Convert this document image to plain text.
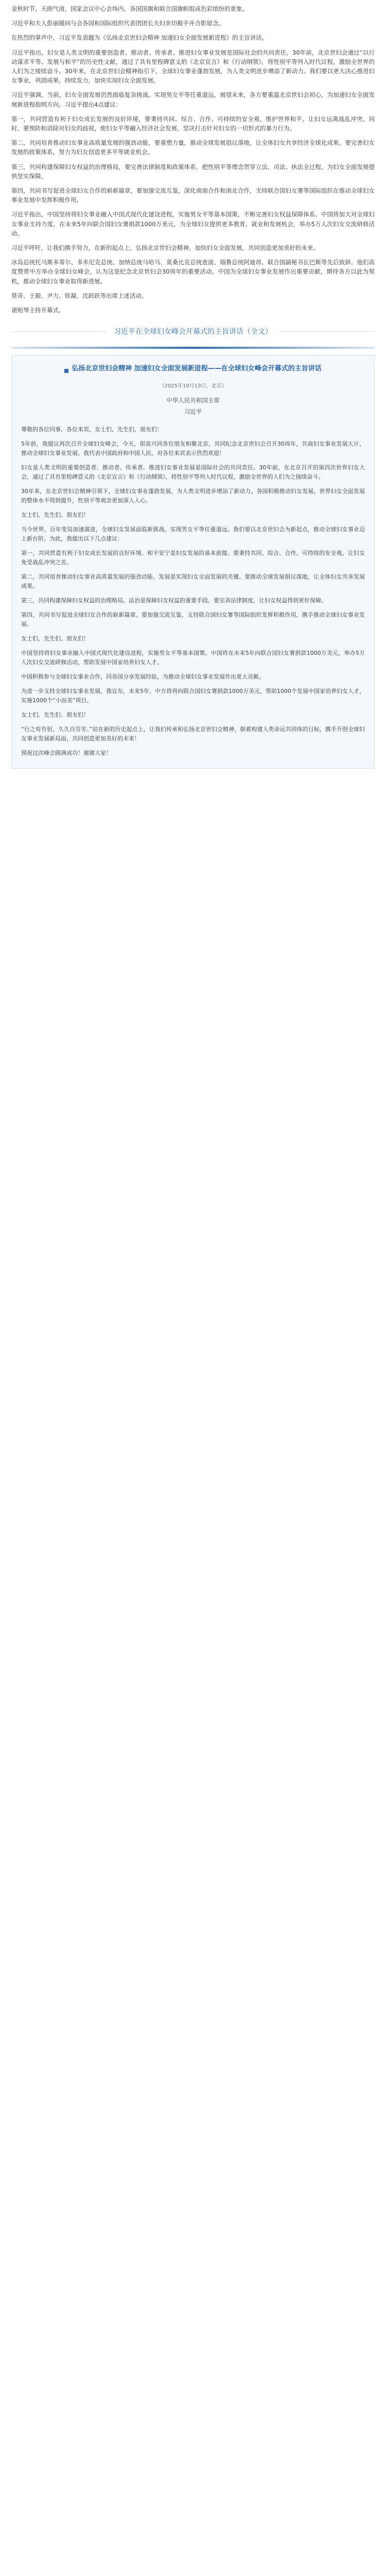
金秋时节，天朗气清，国家会议中心会场内，各国国旗和联合国旗帜组成色彩缤纷的景象。

习近平和夫人彭丽媛同与会各国和国际组织代表团团长夫妇亲切握手并合影留念。

在热烈的掌声中，习近平发表题为《弘扬北京世妇会精神 加速妇女全面发展新进程》的主旨讲话。

习近平指出，妇女是人类文明的重要创造者、推动者、传承者。推进妇女事业发展是国际社会的共同责任。30年前，北京世妇会通过“以行动谋求平等、发展与和平”的历史性文献，通过了具有里程碑意义的《北京宣言》和《行动纲领》，将性别平等列入时代议程，激励全世界的人们为之接续奋斗。30年来，在北京世妇会精神指引下，全球妇女事业蓬勃发展，为人类文明进步增添了新动力。我们要以更大决心推进妇女事业，巩固成果、持续发力，加快实现妇女全面发展。

习近平强调，当前，妇女全面发展仍然面临复杂挑战。实现男女平等任重道远，展望未来，各方要重温北京世妇会初心，为加速妇女全面发展新进程指明方向。习近平提出4点建议：

第一，共同营造有利于妇女成长发展的良好环境，要秉持共同、综合、合作、可持续的安全观，维护世界和平，让妇女远离战乱冲突。同时，要预防和消除对妇女的歧视，使妇女平等融入经济社会发展，坚决打击针对妇女的一切形式的暴力行为。

第二，共同培育推动妇女事业高质量发展的强劲动能，要重塑力量，推动全球发展倡议落地，让全体妇女共享经济全球化成果。要完善妇女发展的政策体系，努力为妇女创造更多平等就业机会。

第三，共同构建保障妇女权益的治理格局，要完善法律制度和政策体系，把性别平等理念贯穿立法、司法、执法全过程，为妇女全面发展提供坚实保障。

第四，共同书写促进全球妇女合作的崭新篇章，要加强交流互鉴，深化南南合作和南北合作，支持联合国妇女署等国际组织在推动全球妇女事业发展中发挥积极作用。

习近平指出，中国坚持将妇女事业融入中国式现代化建设进程，实施男女平等基本国策，不断完善妇女权益保障体系。中国将加大对全球妇女事业支持力度，在未来5年向联合国妇女署捐款1000万美元，为全球妇女提供更多教育、就业和发展机会，举办5万人次妇女交流研修活动。

习近平呼吁，让我们携手努力，在新的起点上，弘扬北京世妇会精神，加快妇女全面发展，共同创造更加美好的未来。

冰岛总统托马斯多蒂尔、多米尼克总统、加纳总统马哈马、莫桑比克总统查波、瑙鲁总统阿迪昂、联合国副秘书长巴斯等先后致辞。他们高度赞赏中方举办全球妇女峰会，认为这是纪念北京世妇会30周年的重要活动。中国为全球妇女事业发展作出重要贡献，期待各方以此为契机，推动全球妇女事业取得新进展。

蔡奇、王毅、尹力、铁凝、沈跃跃等出席上述活动。

谌贻琴主持开幕式。

习近平在全球妇女峰会开幕式的主旨讲话（全文）
弘扬北京世妇会精神 加速妇女全面发展新进程——在全球妇女峰会开幕式的主旨讲话
（2025年10月13日，北京）
中华人民共和国主席
习近平

尊敬的各位同事、各位来宾，女士们，先生们，朋友们：

5年前，我提议再次召开全球妇女峰会，今天，很高兴同各位朋友相聚北京，共同纪念北京世妇会召开30周年，共商妇女事业发展大计，推动全球妇女事业发展。我代表中国政府和中国人民，对各位来宾表示热烈欢迎！

妇女是人类文明的重要创造者、推动者、传承者。推进妇女事业发展是国际社会的共同责任。30年前，在北京召开的第四次世界妇女大会，通过了具有里程碑意义的《北京宣言》和《行动纲领》，将性别平等列入时代议程，激励全世界的人们为之接续奋斗。

30年来，在北京世妇会精神引领下，全球妇女事业蓬勃发展，为人类文明进步增添了新动力。各国积极推动妇女发展，世界妇女全面发展的整体水平得到提升，性别平等观念更加深入人心。

女士们、先生们、朋友们！

当今世界，百年变局加速演进，全球妇女发展面临新挑战。实现男女平等任重道远。我们要以北京世妇会为新起点，推动全球妇女事业迈上新台阶。为此，我提出以下几点建议：

第一，共同营造有利于妇女成长发展的良好环境。和平安宁是妇女发展的基本前提。要秉持共同、综合、合作、可持续的安全观，让妇女免受战乱冲突之苦。

第二，共同培育推动妇女事业高质量发展的强劲动能。发展是实现妇女全面发展的关键。要推动全球发展倡议落地，让全体妇女共享发展成果。

第三，共同构建保障妇女权益的治理格局。法治是保障妇女权益的重要手段。要完善法律制度，让妇女权益得到更好保障。

第四，共同书写促进全球妇女合作的崭新篇章。要加强交流互鉴，支持联合国妇女署等国际组织发挥积极作用，携手推动全球妇女事业发展。

女士们、先生们、朋友们！

中国坚持将妇女事业融入中国式现代化建设进程，实施男女平等基本国策。中国将在未来5年向联合国妇女署捐款1000万美元，举办5万人次妇女交流研修活动，帮助发展中国家培养妇女人才。

中国积极参与全球妇女事业合作，同各国分享发展经验，为推动全球妇女事业发展作出更大贡献。

为进一步支持全球妇女事业发展，我宣布，未来5年，中方将再向联合国妇女署捐款1000万美元，帮助1000个发展中国家培养妇女人才，实施1000个“小而美”项目。

女士们、先生们、朋友们！

“行之苟有恒，久久自芬芳。”站在新的历史起点上，让我们传承和弘扬北京世妇会精神，朝着构建人类命运共同体的目标，携手开创全球妇女事业发展新局面，共同创造更加美好的未来！

预祝这次峰会圆满成功！谢谢大家！
